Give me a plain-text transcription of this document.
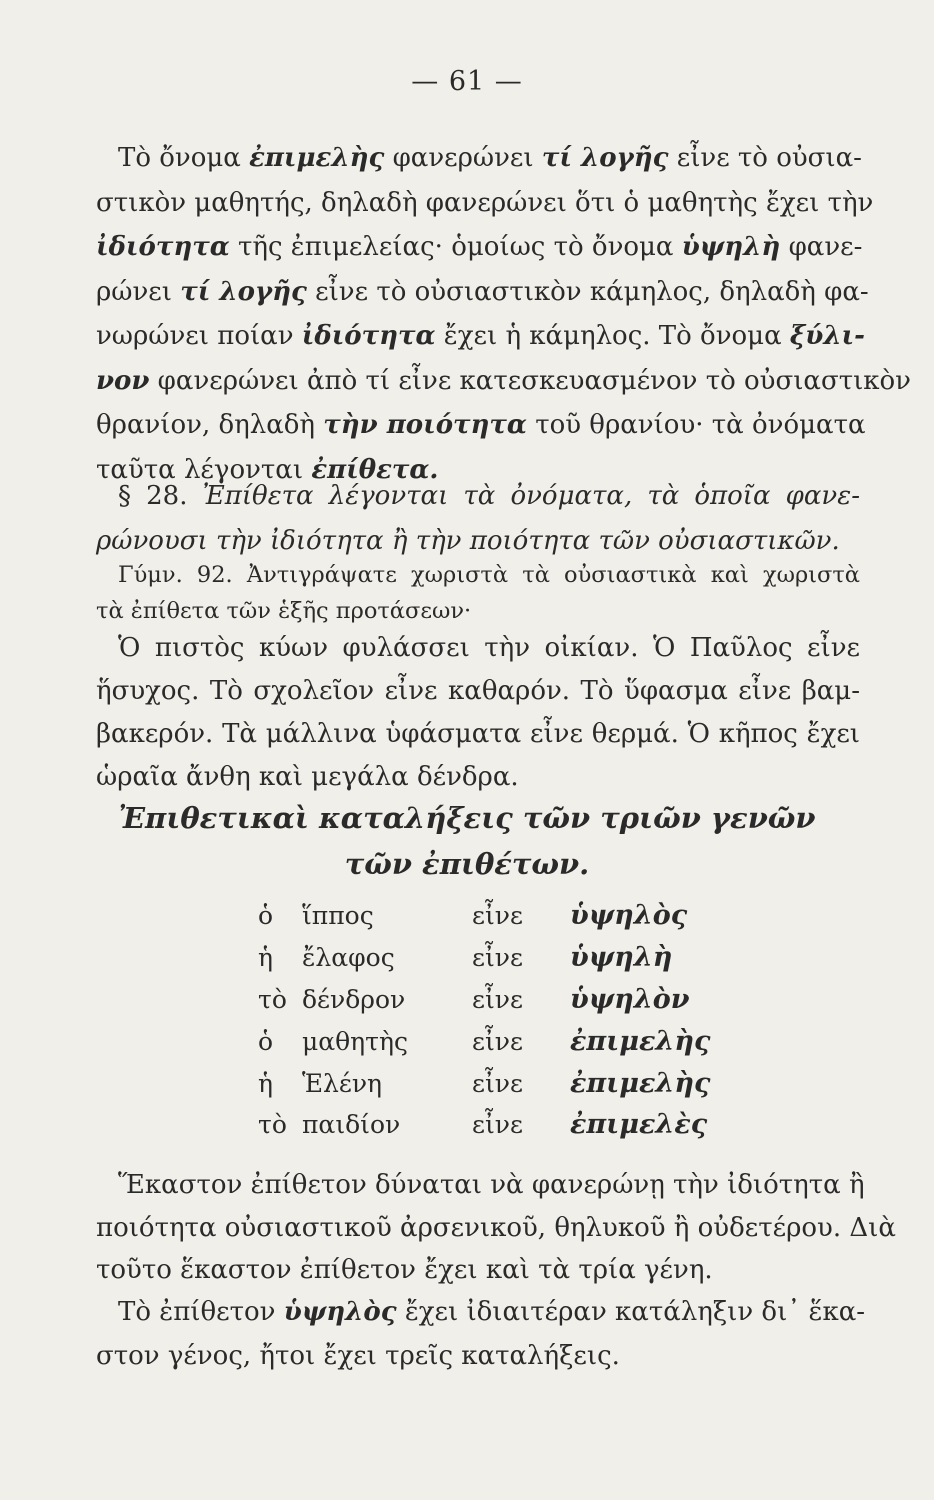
— 61 —
Τὸ ὄνομα ἐπιμελὴς φανερώνει τί λογῆς εἶνε τὸ οὐσια-
στικὸν μαθητής, δηλαδὴ φανερώνει ὅτι ὁ μαθητὴς ἔχει τὴν
ἰδιότητα τῆς ἐπιμελείας· ὁμοίως τὸ ὄνομα ὑψηλὴ φανε-
ρώνει τί λογῆς εἶνε τὸ οὐσιαστικὸν κάμηλος, δηλαδὴ φα-
νωρώνει ποίαν ἰδιότητα ἔχει ἡ κάμηλος. Τὸ ὄνομα ξύλι-
νον φανερώνει ἀπὸ τί εἶνε κατεσκευασμένον τὸ οὐσιαστικὸν
θρανίον, δηλαδὴ τὴν ποιότητα τοῦ θρανίου· τὰ ὀνόματα
ταῦτα λέγονται ἐπίθετα.
§ 28. Ἐπίθετα λέγονται τὰ ὀνόματα, τὰ ὁποῖα φανε-
ρώνουσι τὴν ἰδιότητα ἢ τὴν ποιότητα τῶν οὐσιαστικῶν.
Γύμν. 92. Ἀντιγράψατε χωριστὰ τὰ οὐσιαστικὰ καὶ χωριστὰ
τὰ ἐπίθετα τῶν ἑξῆς προτάσεων·
Ὁ πιστὸς κύων φυλάσσει τὴν οἰκίαν. Ὁ Παῦλος εἶνε
ἥσυχος. Τὸ σχολεῖον εἶνε καθαρόν. Τὸ ὕφασμα εἶνε βαμ-
βακερόν. Τὰ μάλλινα ὑφάσματα εἶνε θερμά. Ὁ κῆπος ἔχει
ὡραῖα ἄνθη καὶ μεγάλα δένδρα.
Ἐπιθετικαὶ καταλήξεις τῶν τριῶν γενῶν
τῶν ἐπιθέτων.
ὁ	ἵππος	εἶνε	ὑψηλὸς
ἡ	ἔλαφος	εἶνε	ὑψηλὴ
τὸ	δένδρον	εἶνε	ὑψηλὸν
ὁ	μαθητὴς	εἶνε	ἐπιμελὴς
ἡ	Ἑλένη	εἶνε	ἐπιμελὴς
τὸ	παιδίον	εἶνε	ἐπιμελὲς
Ἕκαστον ἐπίθετον δύναται νὰ φανερώνῃ τὴν ἰδιότητα ἢ
ποιότητα οὐσιαστικοῦ ἀρσενικοῦ, θηλυκοῦ ἢ οὐδετέρου. Διὰ
τοῦτο ἕκαστον ἐπίθετον ἔχει καὶ τὰ τρία γένη.
Τὸ ἐπίθετον ὑψηλὸς ἔχει ἰδιαιτέραν κατάληξιν δι᾽ ἕκα-
στον γένος, ἤτοι ἔχει τρεῖς καταλήξεις.
